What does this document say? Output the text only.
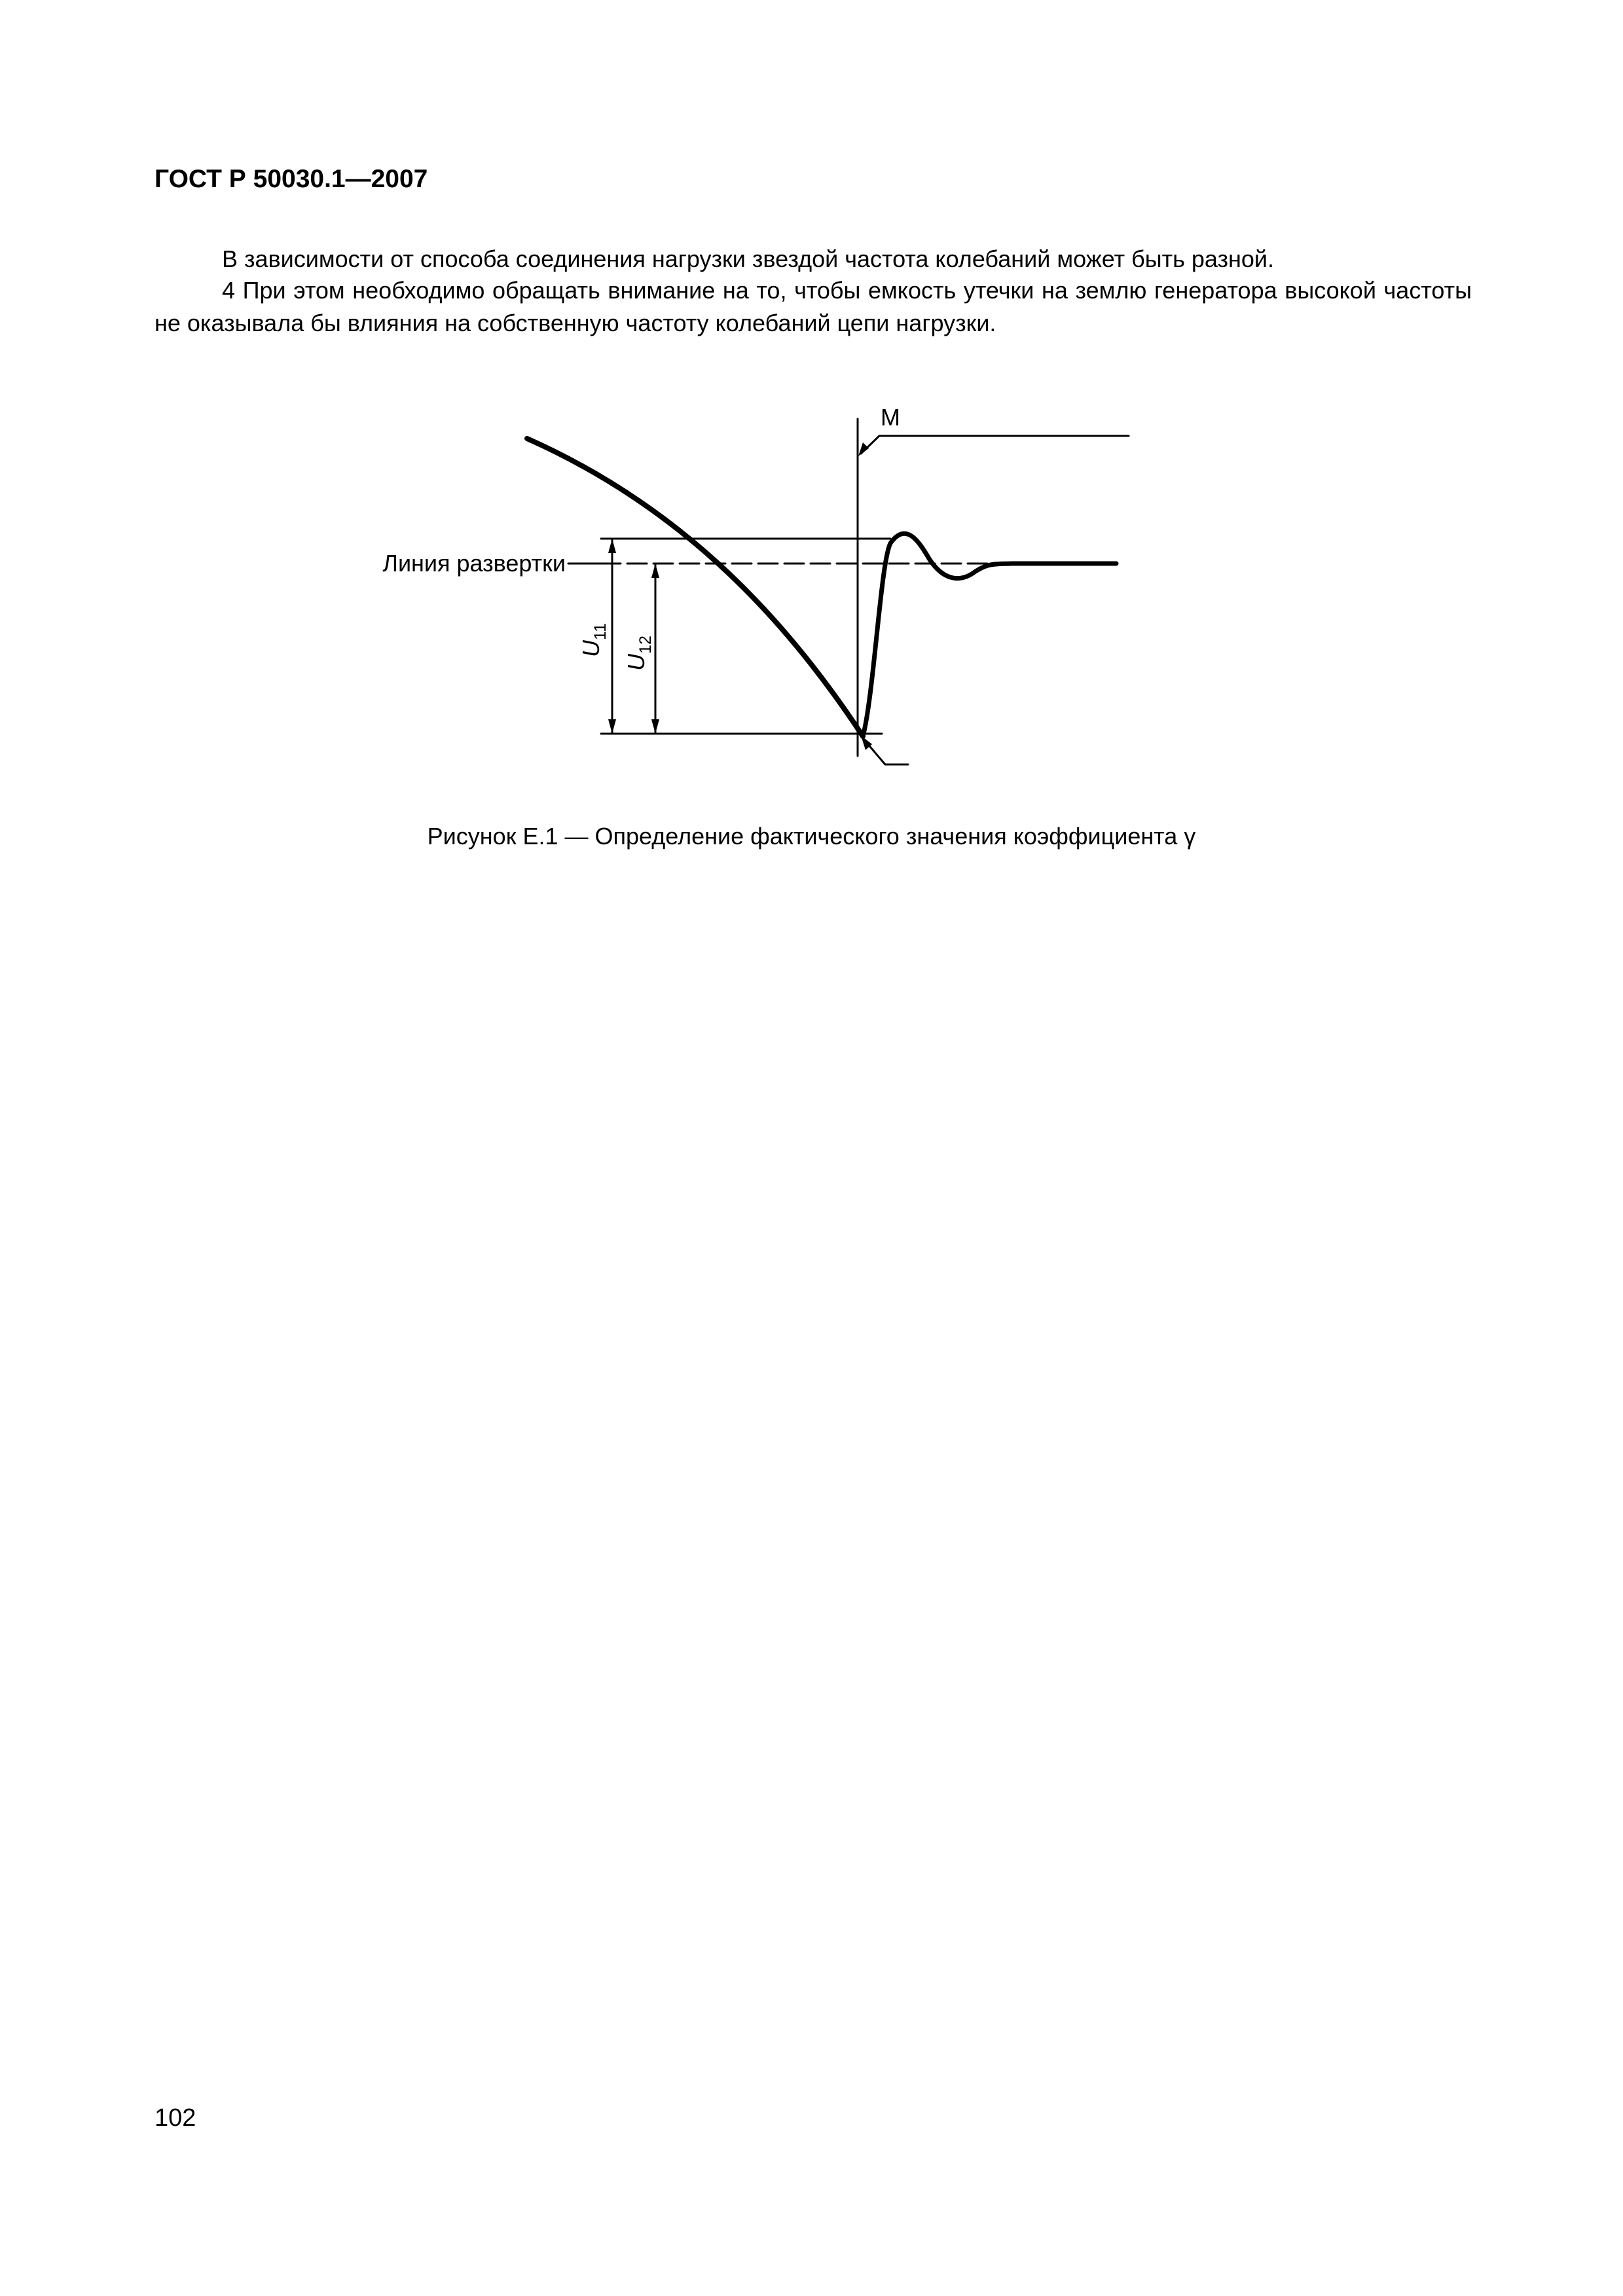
ГОСТ Р 50030.1—2007
В зависимости от способа соединения нагрузки звездой частота колебаний может быть разной.
4 При этом необходимо обращать внимание на то, чтобы емкость утечки на землю генератора высокой частоты не оказывала бы влияния на собственную частоту колебаний цепи нагрузки.
M
Линия развертки
U11
U12
Рисунок Е.1 — Определение фактического значения коэффициента γ
102
